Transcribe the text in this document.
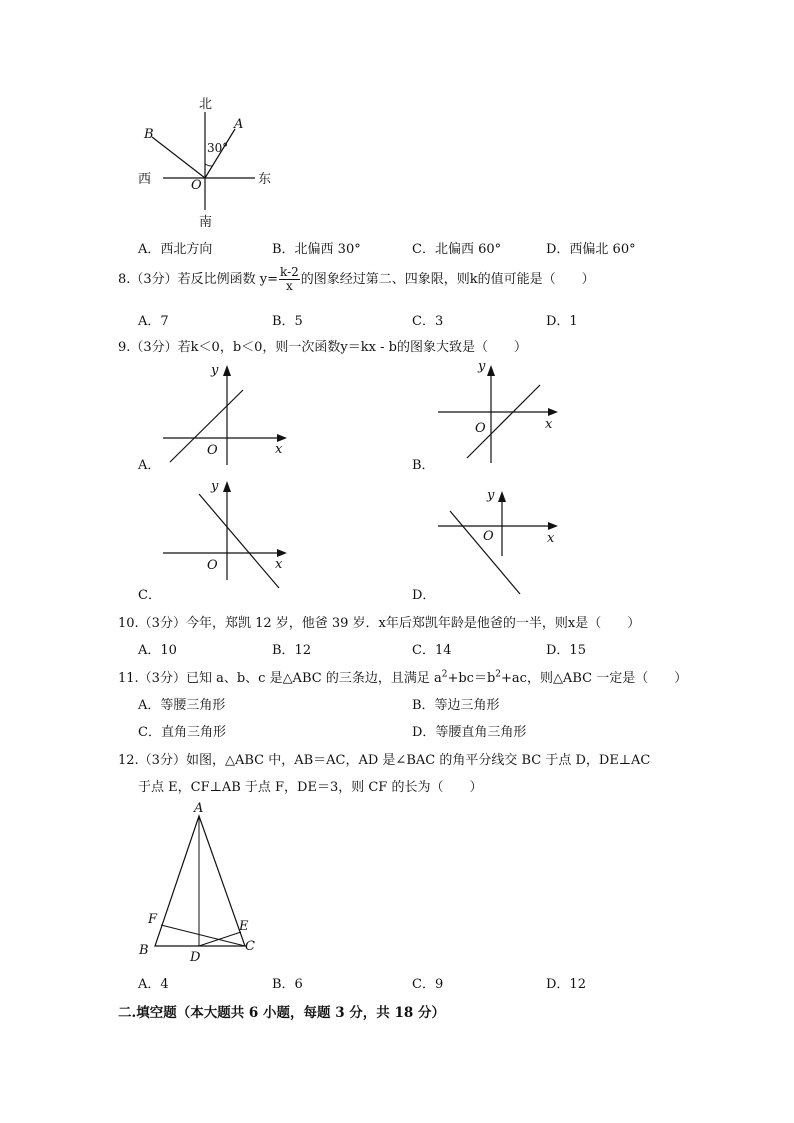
北
南
西	东
O
A
B
30°
A．西北方向	B．北偏西 30°	C．北偏西 60°	D．西偏北 60°
8.（3分）若反比例函数 $y= \frac{k-2}{x}$ 的图象经过第二、四象限，则k的值可能是（　　）
A．7	B．5	C．3	D．1
9.（3分）若k＜0，b＜0，则一次函数y＝kx - b的图象大致是（　　）
y
x
O
A．
y
x
O
B．
y
x
O
C．
y
x
O
D．
10.（3分）今年，郑凯 12 岁，他爸 39 岁．x年后郑凯年龄是他爸的一半，则x是（　　）
A．10	B．12	C．14	D．15
11.（3分）已知 a、b、c 是△ABC 的三条边，且满足 $a^2+bc=b^2+ac$，则△ABC 一定是（　　）
A．等腰三角形	B．等边三角形
C．直角三角形	D．等腰直角三角形
12.（3分）如图，△ABC 中，AB＝AC，AD 是∠BAC 的角平分线交 BC 于点 D，DE⊥AC
于点 E，CF⊥AB 于点 F，DE＝3，则 CF 的长为（　　）
A
B	C
D
E
F
A．4	B．6	C．9	D．12
二.填空题（本大题共 6 小题，每题 3 分，共 18 分）
